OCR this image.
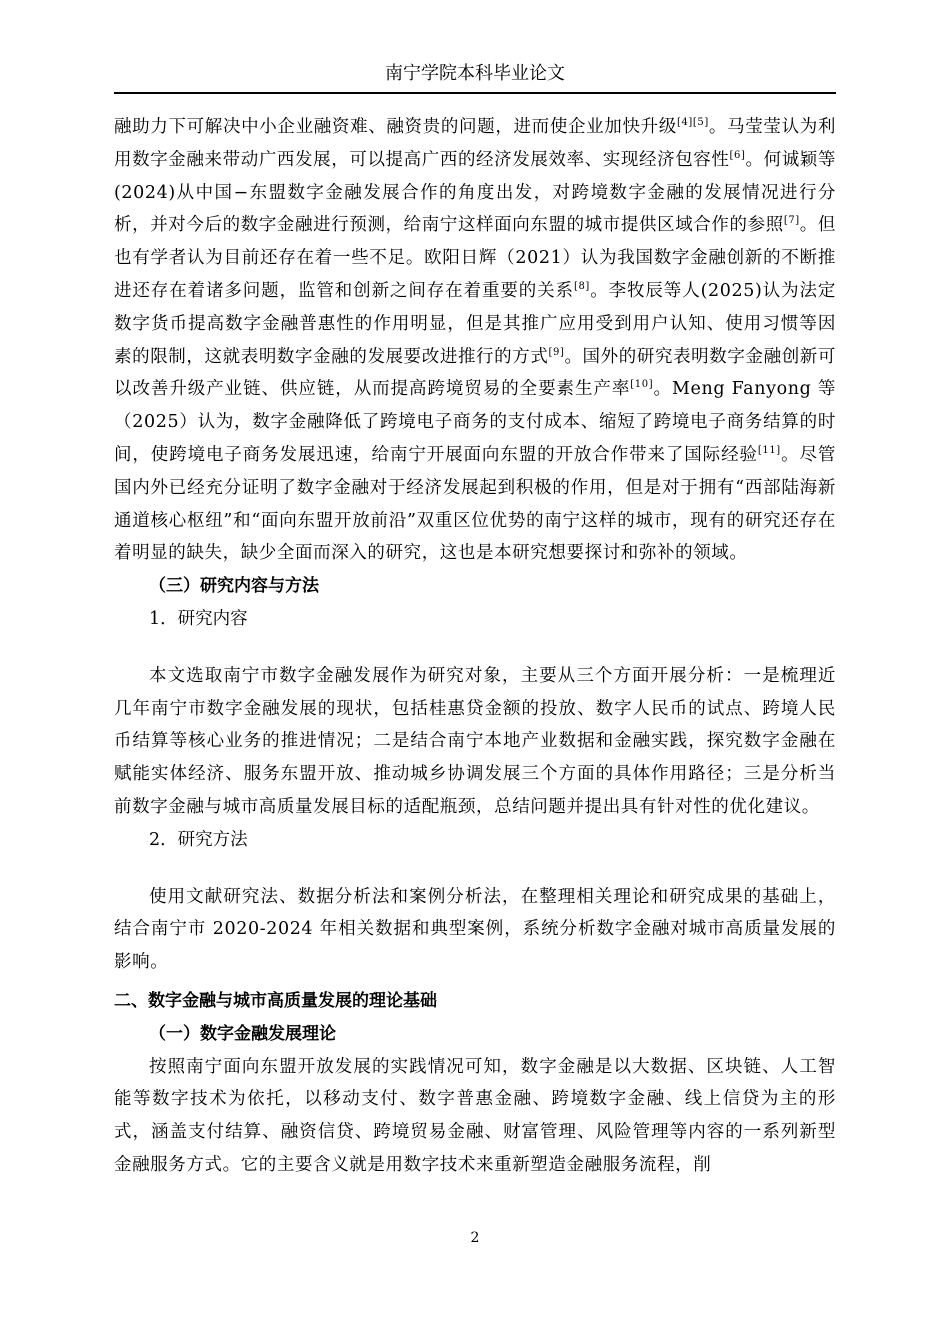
南宁学院本科毕业论文

融助力下可解决中小企业融资难、融资贵的问题，进而使企业加快升级[4][5]。马莹莹认为利用数字金融来带动广西发展，可以提高广西的经济发展效率、实现经济包容性[6]。何诚颖等(2024)从中国−东盟数字金融发展合作的角度出发，对跨境数字金融的发展情况进行分析，并对今后的数字金融进行预测，给南宁这样面向东盟的城市提供区域合作的参照[7]。但也有学者认为目前还存在着一些不足。欧阳日辉（2021）认为我国数字金融创新的不断推进还存在着诸多问题，监管和创新之间存在着重要的关系[8]。李牧辰等人(2025)认为法定数字货币提高数字金融普惠性的作用明显，但是其推广应用受到用户认知、使用习惯等因素的限制，这就表明数字金融的发展要改进推行的方式[9]。国外的研究表明数字金融创新可以改善升级产业链、供应链，从而提高跨境贸易的全要素生产率[10]。Meng Fanyong 等（2025）认为，数字金融降低了跨境电子商务的支付成本、缩短了跨境电子商务结算的时间，使跨境电子商务发展迅速，给南宁开展面向东盟的开放合作带来了国际经验[11]。尽管国内外已经充分证明了数字金融对于经济发展起到积极的作用，但是对于拥有“西部陆海新通道核心枢纽”和“面向东盟开放前沿”双重区位优势的南宁这样的城市，现有的研究还存在着明显的缺失，缺少全面而深入的研究，这也是本研究想要探讨和弥补的领域。

（三）研究内容与方法

1．研究内容

本文选取南宁市数字金融发展作为研究对象，主要从三个方面开展分析：一是梳理近几年南宁市数字金融发展的现状，包括桂惠贷金额的投放、数字人民币的试点、跨境人民币结算等核心业务的推进情况；二是结合南宁本地产业数据和金融实践，探究数字金融在赋能实体经济、服务东盟开放、推动城乡协调发展三个方面的具体作用路径；三是分析当前数字金融与城市高质量发展目标的适配瓶颈，总结问题并提出具有针对性的优化建议。

2．研究方法

使用文献研究法、数据分析法和案例分析法，在整理相关理论和研究成果的基础上，结合南宁市 2020-2024 年相关数据和典型案例，系统分析数字金融对城市高质量发展的影响。

二、数字金融与城市高质量发展的理论基础

（一）数字金融发展理论

按照南宁面向东盟开放发展的实践情况可知，数字金融是以大数据、区块链、人工智能等数字技术为依托，以移动支付、数字普惠金融、跨境数字金融、线上信贷为主的形式，涵盖支付结算、融资信贷、跨境贸易金融、财富管理、风险管理等内容的一系列新型金融服务方式。它的主要含义就是用数字技术来重新塑造金融服务流程，削

2
